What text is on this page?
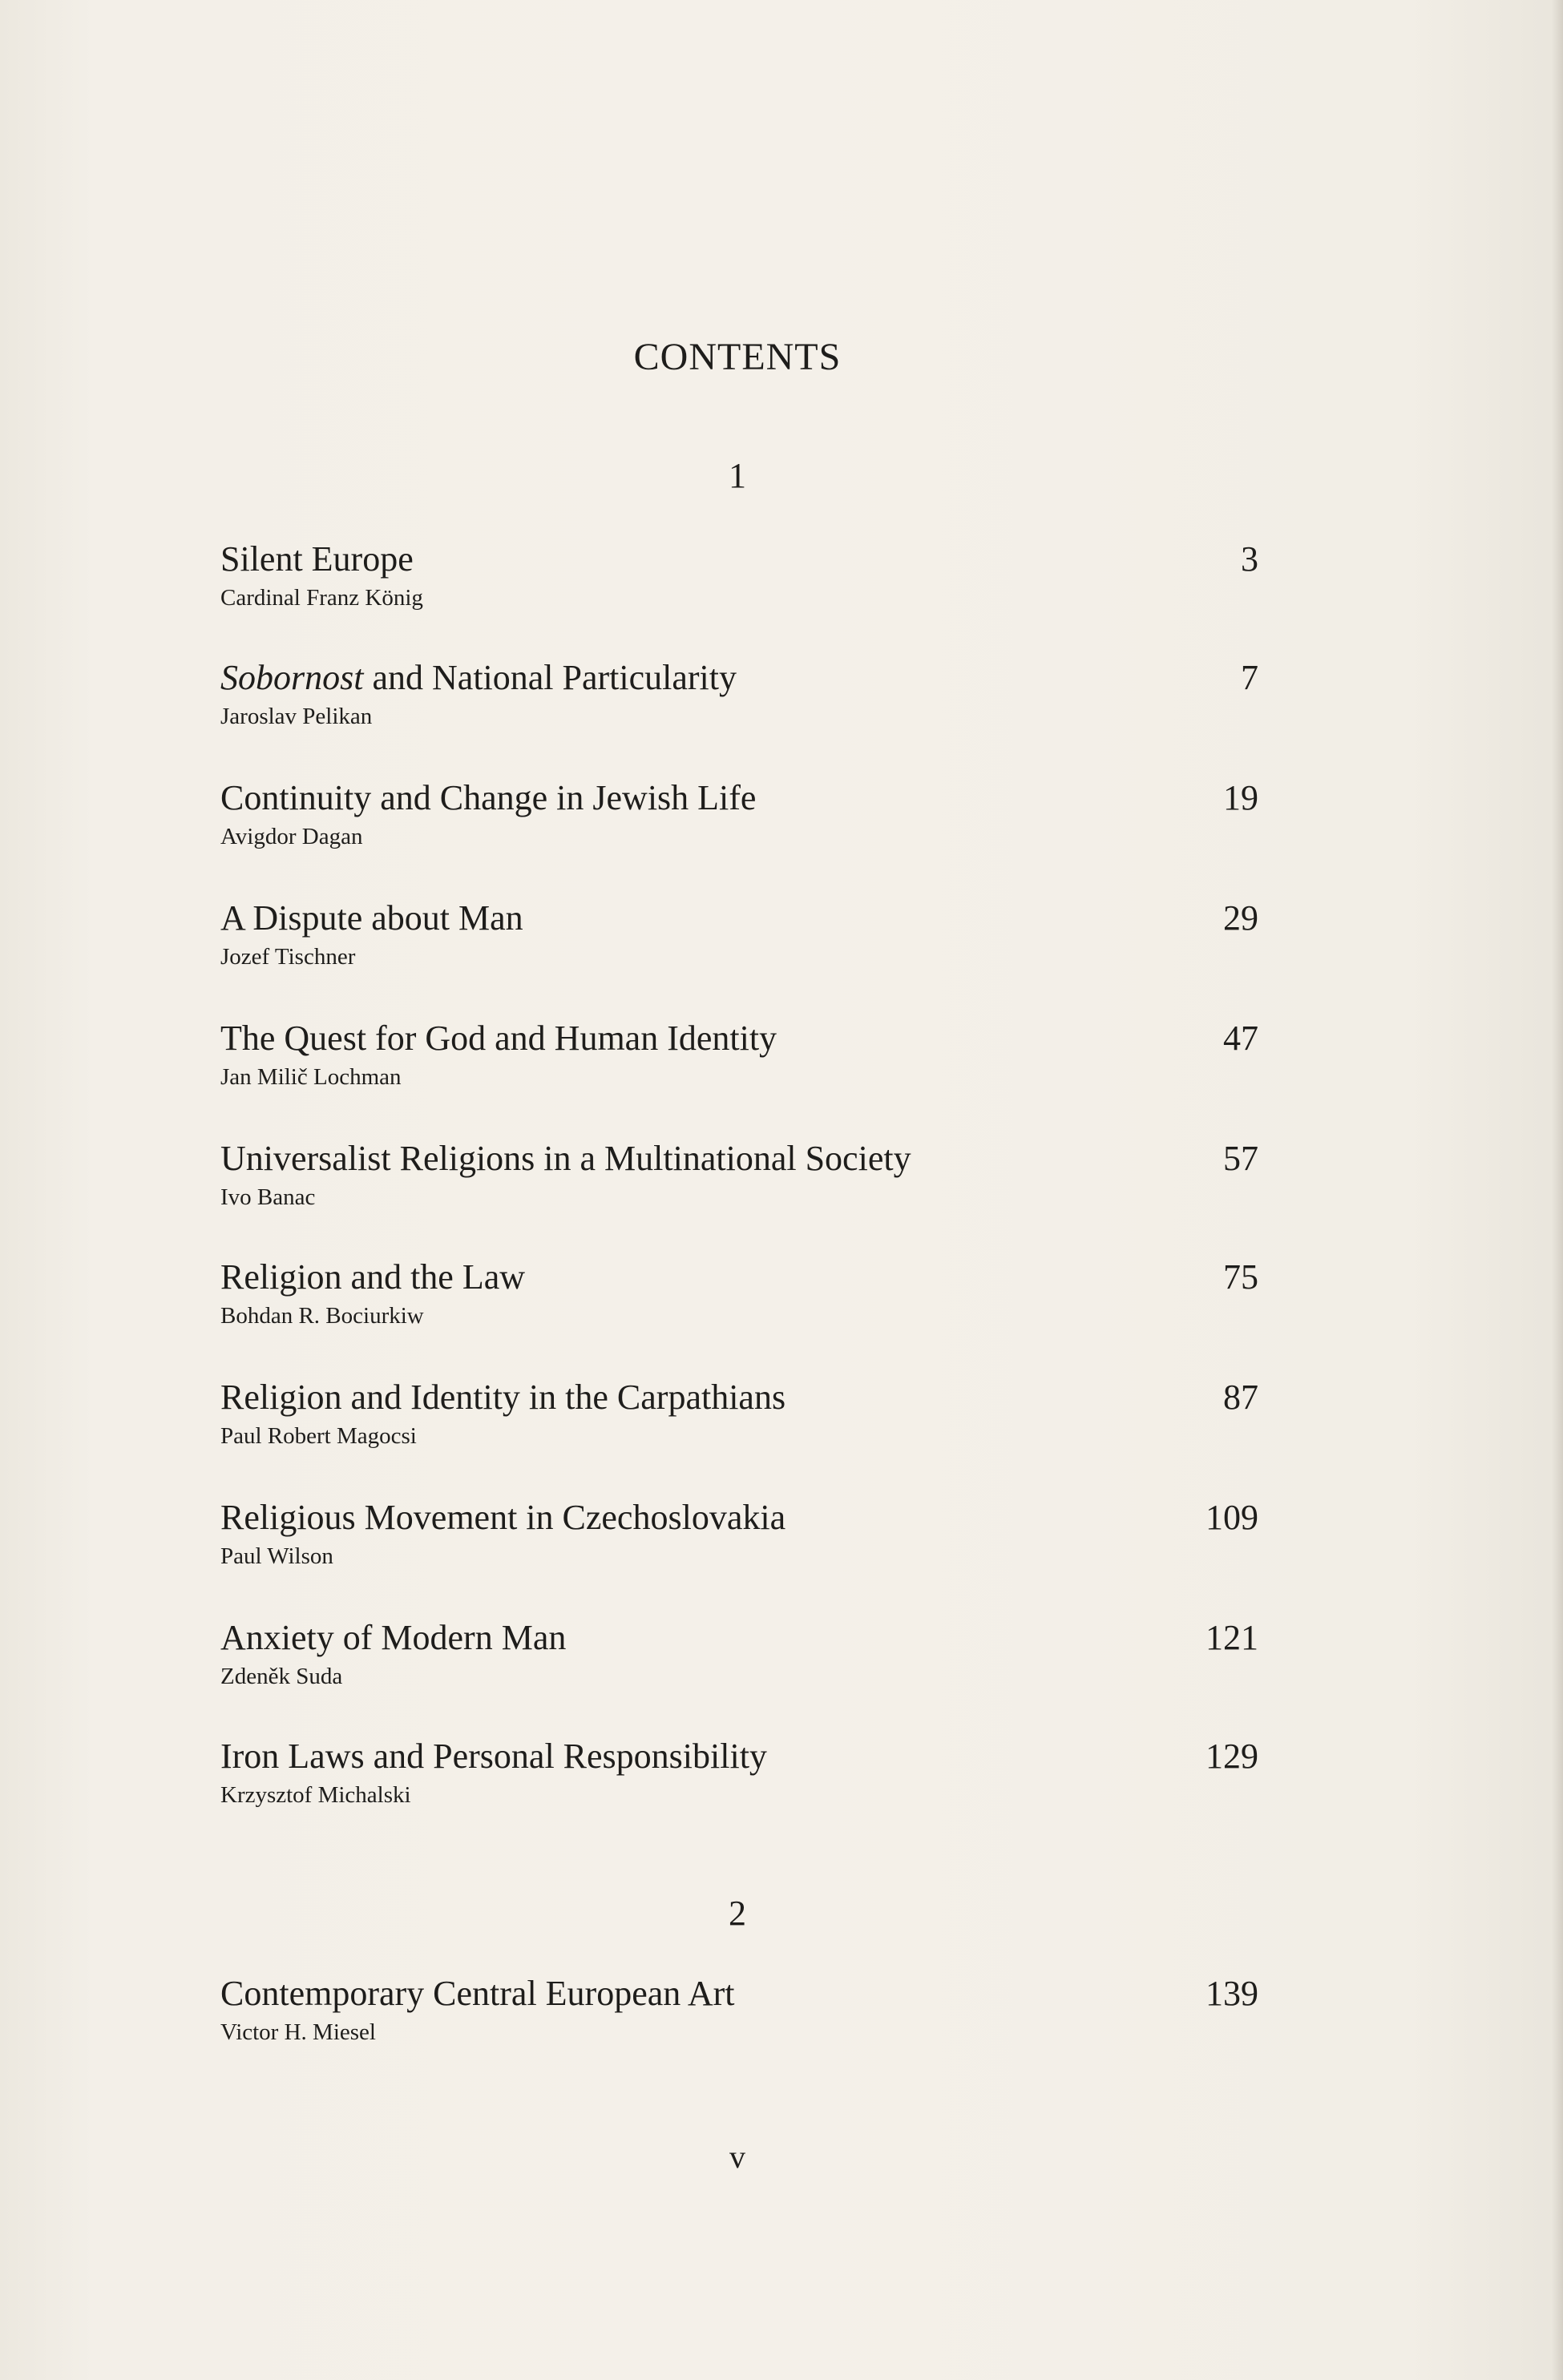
CONTENTS
1
Silent Europe
Cardinal Franz König
3
Sobornost and National Particularity
Jaroslav Pelikan
7
Continuity and Change in Jewish Life
Avigdor Dagan
19
A Dispute about Man
Jozef Tischner
29
The Quest for God and Human Identity
Jan Milič Lochman
47
Universalist Religions in a Multinational Society
Ivo Banac
57
Religion and the Law
Bohdan R. Bociurkiw
75
Religion and Identity in the Carpathians
Paul Robert Magocsi
87
Religious Movement in Czechoslovakia
Paul Wilson
109
Anxiety of Modern Man
Zdeněk Suda
121
Iron Laws and Personal Responsibility
Krzysztof Michalski
129
2
Contemporary Central European Art
Victor H. Miesel
139
v
